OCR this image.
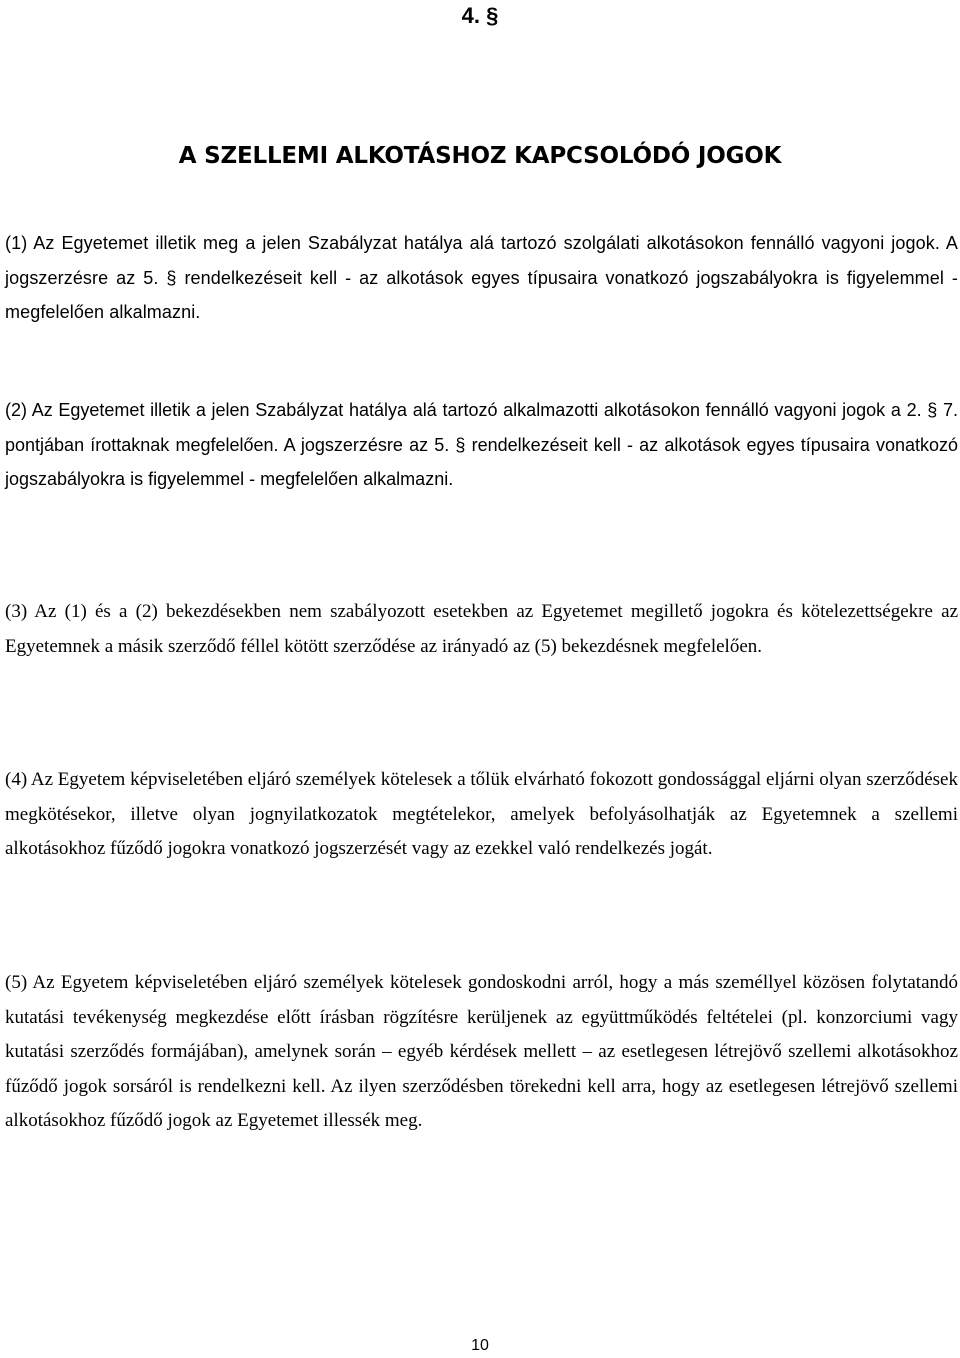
4. §
A SZELLEMI ALKOTÁSHOZ KAPCSOLÓDÓ JOGOK

(1) Az Egyetemet illetik meg a jelen Szabályzat hatálya alá tartozó szolgálati alkotásokon fennálló vagyoni jogok. A jogszerzésre az 5. § rendelkezéseit kell - az alkotások egyes típusaira vonatkozó jogszabályokra is figyelemmel - megfelelően alkalmazni.

(2) Az Egyetemet illetik a jelen Szabályzat hatálya alá tartozó alkalmazotti alkotásokon fennálló vagyoni jogok a 2. § 7. pontjában írottaknak megfelelően. A jogszerzésre az 5. § rendelkezéseit kell - az alkotások egyes típusaira vonatkozó jogszabályokra is figyelemmel - megfelelően alkalmazni.

(3) Az (1) és a (2) bekezdésekben nem szabályozott esetekben az Egyetemet megillető jogokra és kötelezettségekre az Egyetemnek a másik szerződő féllel kötött szerződése az irányadó az (5) bekezdésnek megfelelően.

(4) Az Egyetem képviseletében eljáró személyek kötelesek a tőlük elvárható fokozott gondossággal eljárni olyan szerződések megkötésekor, illetve olyan jognyilatkozatok megtételekor, amelyek befolyásolhatják az Egyetemnek a szellemi alkotásokhoz fűződő jogokra vonatkozó jogszerzését vagy az ezekkel való rendelkezés jogát.

(5) Az Egyetem képviseletében eljáró személyek kötelesek gondoskodni arról, hogy a más személlyel közösen folytatandó kutatási tevékenység megkezdése előtt írásban rögzítésre kerüljenek az együttműködés feltételei (pl. konzorciumi vagy kutatási szerződés formájában), amelynek során – egyéb kérdések mellett – az esetlegesen létrejövő szellemi alkotásokhoz fűződő jogok sorsáról is rendelkezni kell. Az ilyen szerződésben törekedni kell arra, hogy az esetlegesen létrejövő szellemi alkotásokhoz fűződő jogok az Egyetemet illessék meg.

10
